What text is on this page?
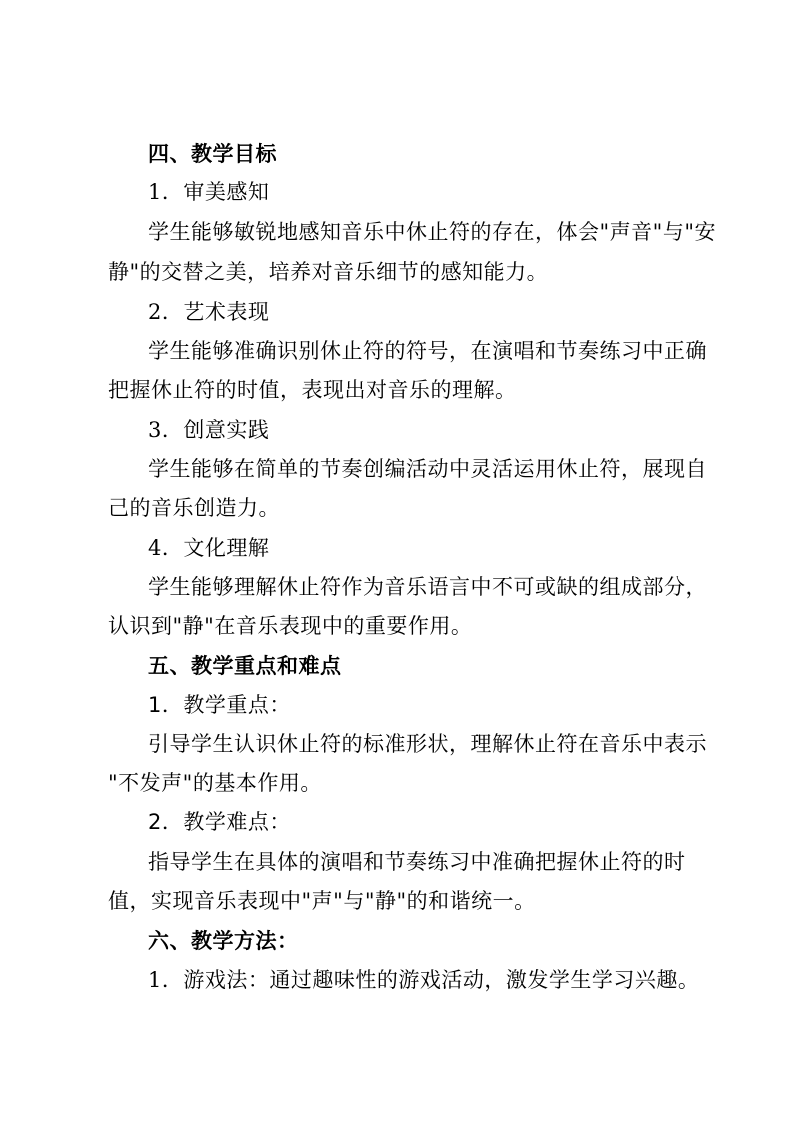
四、教学目标
1．审美感知
学生能够敏锐地感知音乐中休止符的存在，体会"声音"与"安
静"的交替之美，培养对音乐细节的感知能力。
2．艺术表现
学生能够准确识别休止符的符号，在演唱和节奏练习中正确
把握休止符的时值，表现出对音乐的理解。
3．创意实践
学生能够在简单的节奏创编活动中灵活运用休止符，展现自
己的音乐创造力。
4．文化理解
学生能够理解休止符作为音乐语言中不可或缺的组成部分，
认识到"静"在音乐表现中的重要作用。
五、教学重点和难点
1．教学重点：
引导学生认识休止符的标准形状，理解休止符在音乐中表示
"不发声"的基本作用。
2．教学难点：
指导学生在具体的演唱和节奏练习中准确把握休止符的时
值，实现音乐表现中"声"与"静"的和谐统一。
六、教学方法：
1．游戏法：通过趣味性的游戏活动，激发学生学习兴趣。
